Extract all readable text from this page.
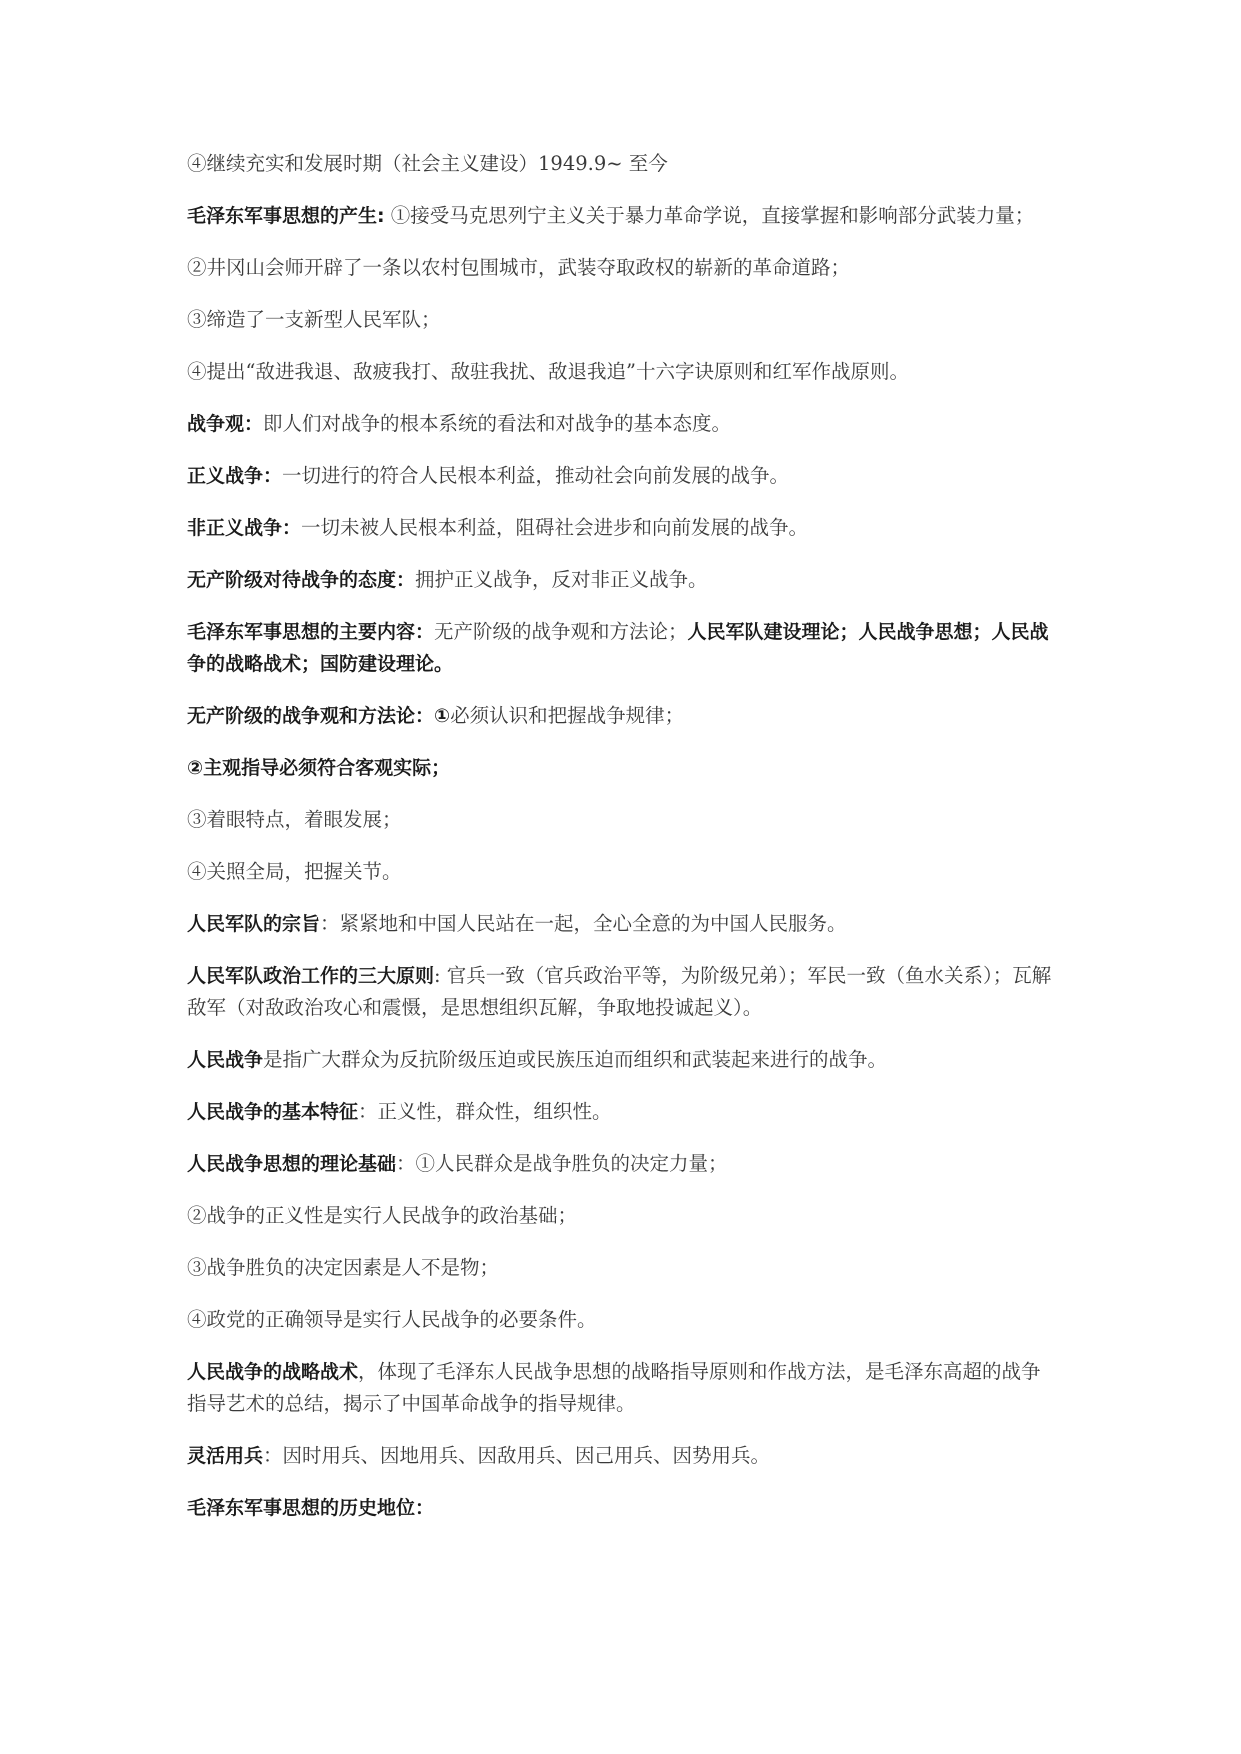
④继续充实和发展时期（社会主义建设）1949.9~ 至今

毛泽东军事思想的产生: ①接受马克思列宁主义关于暴力革命学说，直接掌握和影响部分武装力量；

②井冈山会师开辟了一条以农村包围城市，武装夺取政权的崭新的革命道路；

③缔造了一支新型人民军队；

④提出“敌进我退、敌疲我打、敌驻我扰、敌退我追”十六字诀原则和红军作战原则。

战争观：即人们对战争的根本系统的看法和对战争的基本态度。

正义战争：一切进行的符合人民根本利益，推动社会向前发展的战争。

非正义战争：一切未被人民根本利益，阻碍社会进步和向前发展的战争。

无产阶级对待战争的态度：拥护正义战争，反对非正义战争。

毛泽东军事思想的主要内容：无产阶级的战争观和方法论；人民军队建设理论；人民战争思想；人民战争的战略战术；国防建设理论。

无产阶级的战争观和方法论：①必须认识和把握战争规律；

②主观指导必须符合客观实际；

③着眼特点，着眼发展；

④关照全局，把握关节。

人民军队的宗旨：紧紧地和中国人民站在一起，全心全意的为中国人民服务。

人民军队政治工作的三大原则: 官兵一致（官兵政治平等，为阶级兄弟）；军民一致（鱼水关系）；瓦解敌军（对敌政治攻心和震慑，是思想组织瓦解，争取地投诚起义）。

人民战争是指广大群众为反抗阶级压迫或民族压迫而组织和武装起来进行的战争。

人民战争的基本特征：正义性，群众性，组织性。

人民战争思想的理论基础：①人民群众是战争胜负的决定力量；

②战争的正义性是实行人民战争的政治基础；

③战争胜负的决定因素是人不是物；

④政党的正确领导是实行人民战争的必要条件。

人民战争的战略战术，体现了毛泽东人民战争思想的战略指导原则和作战方法，是毛泽东高超的战争指导艺术的总结，揭示了中国革命战争的指导规律。

灵活用兵：因时用兵、因地用兵、因敌用兵、因己用兵、因势用兵。

毛泽东军事思想的历史地位：
